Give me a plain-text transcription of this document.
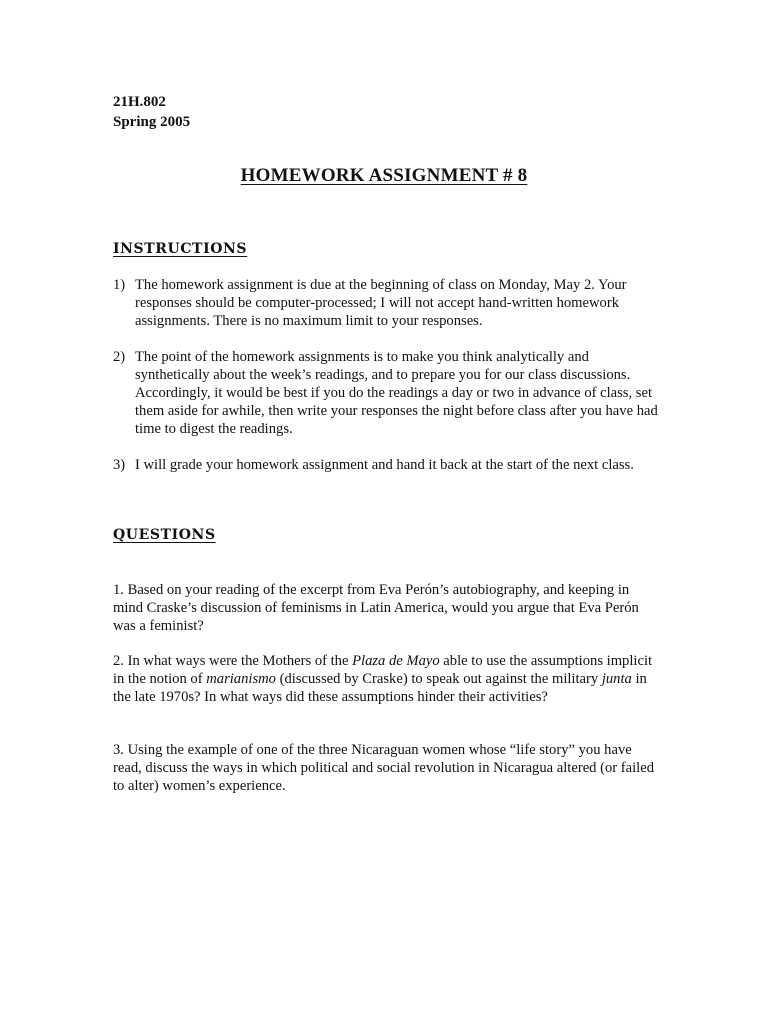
21H.802
Spring 2005
HOMEWORK ASSIGNMENT # 8
INSTRUCTIONS
1) The homework assignment is due at the beginning of class on Monday, May 2. Your responses should be computer-processed; I will not accept hand-written homework assignments. There is no maximum limit to your responses.
2) The point of the homework assignments is to make you think analytically and synthetically about the week’s readings, and to prepare you for our class discussions. Accordingly, it would be best if you do the readings a day or two in advance of class, set them aside for awhile, then write your responses the night before class after you have had time to digest the readings.
3) I will grade your homework assignment and hand it back at the start of the next class.
QUESTIONS
1. Based on your reading of the excerpt from Eva Perón’s autobiography, and keeping in mind Craske’s discussion of feminisms in Latin America, would you argue that Eva Perón was a feminist?
2. In what ways were the Mothers of the Plaza de Mayo able to use the assumptions implicit in the notion of marianismo (discussed by Craske) to speak out against the military junta in the late 1970s? In what ways did these assumptions hinder their activities?
3. Using the example of one of the three Nicaraguan women whose “life story” you have read, discuss the ways in which political and social revolution in Nicaragua altered (or failed to alter) women’s experience.
